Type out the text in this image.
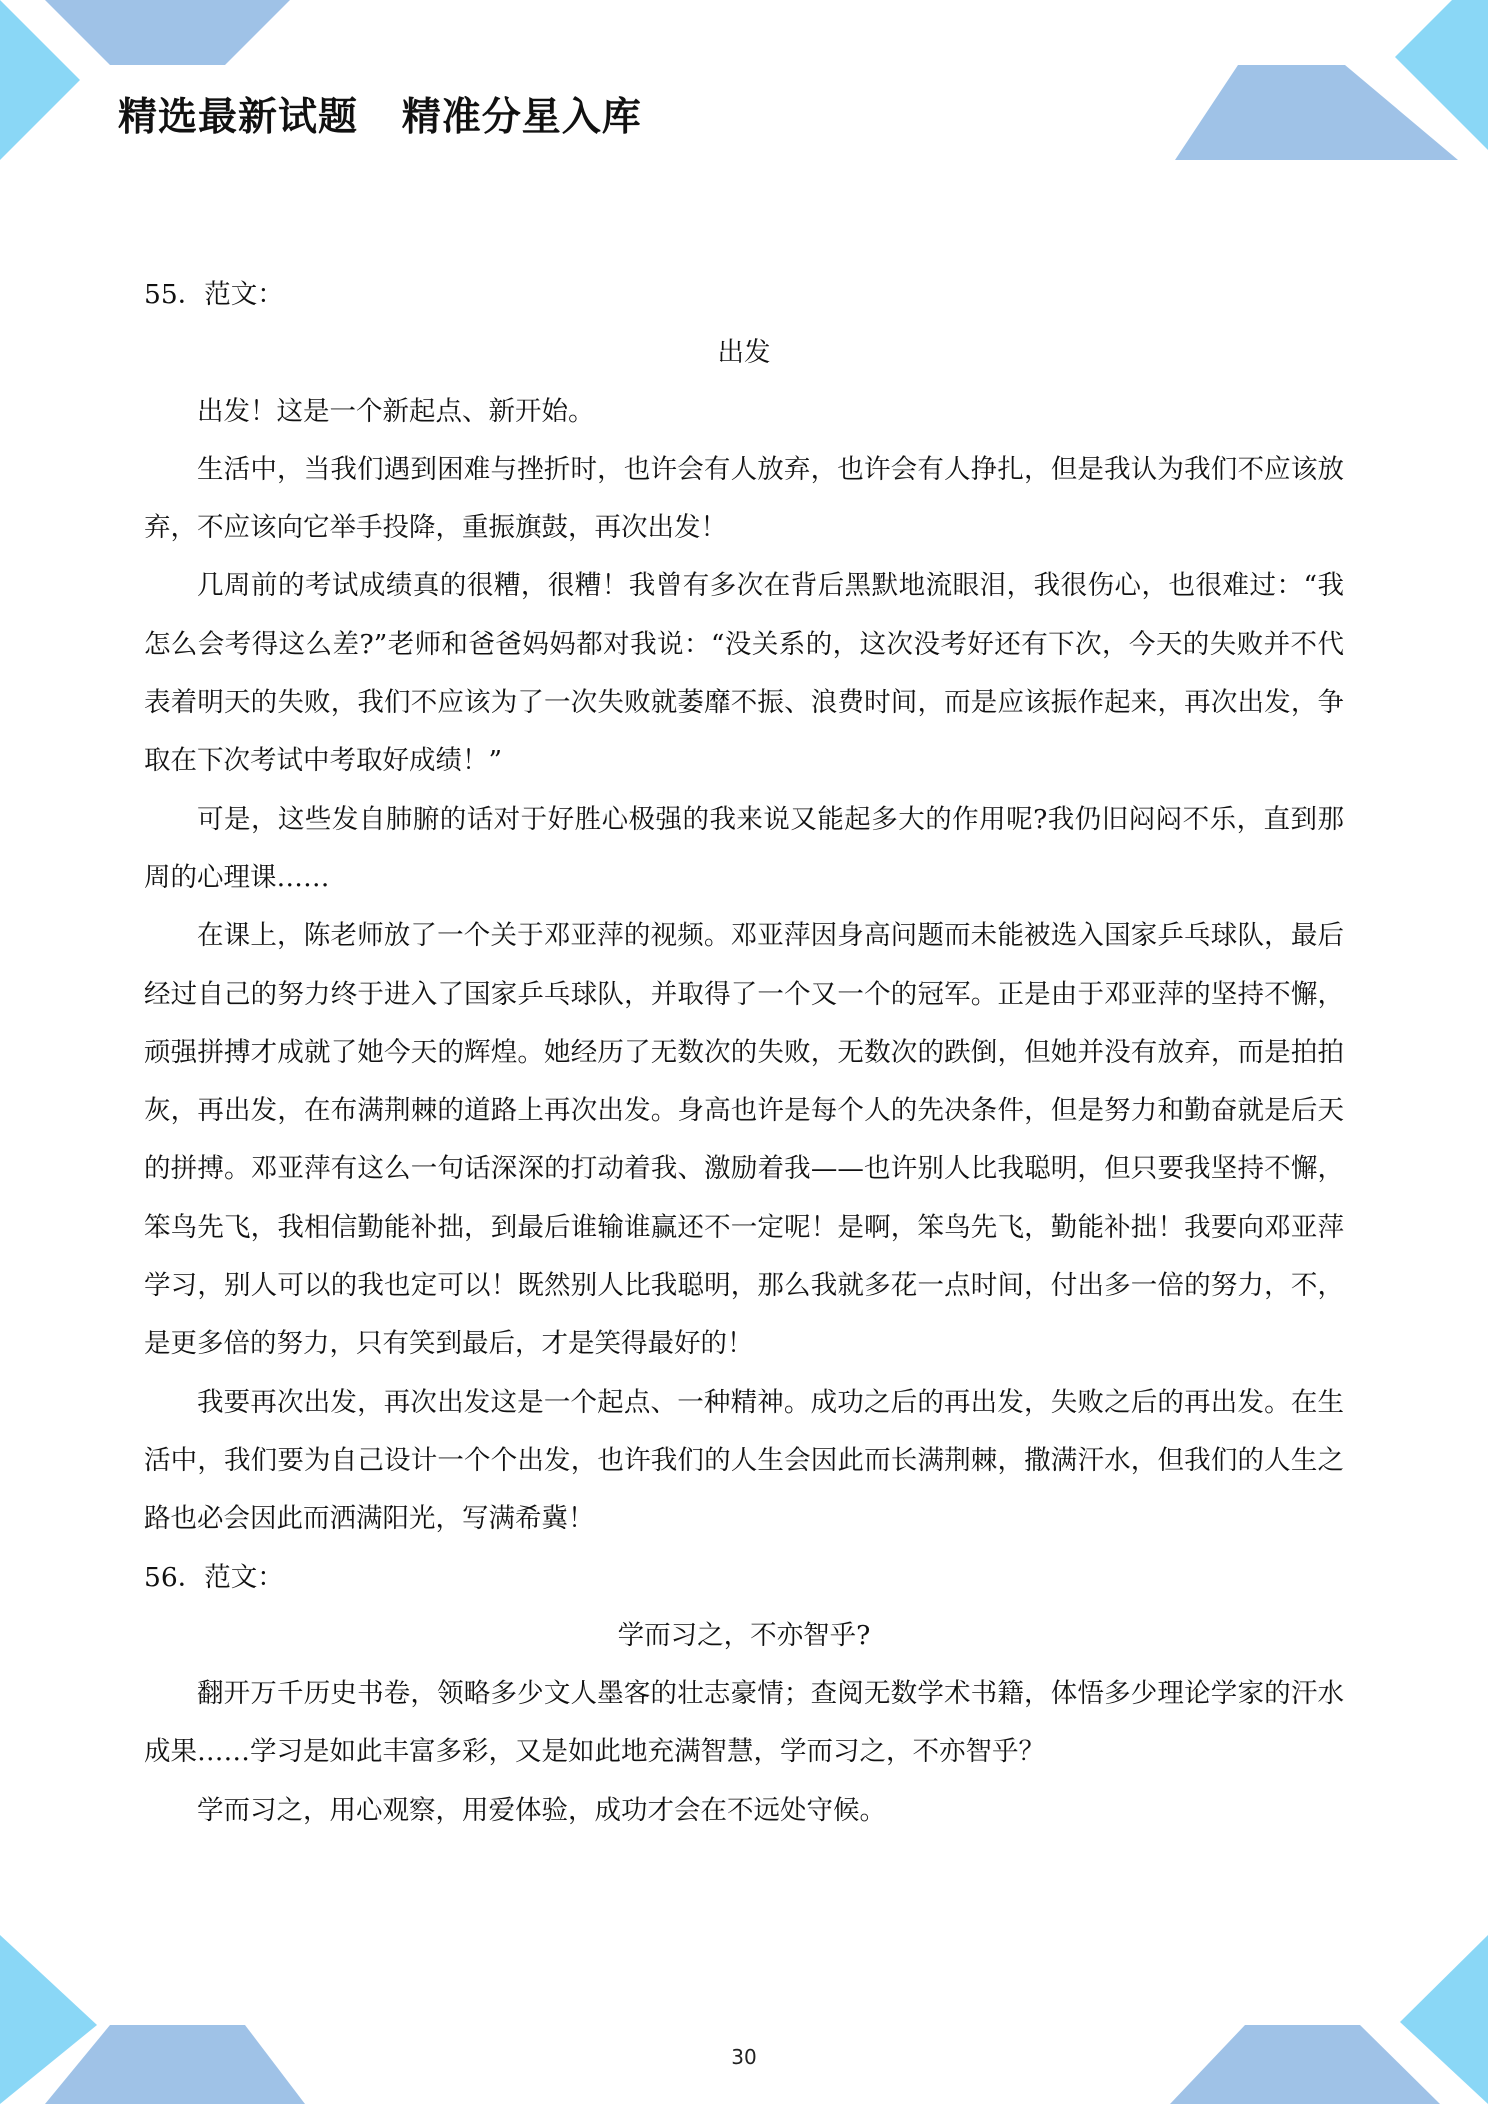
精选最新试题   精准分星入库
55．范文：
出发

出发！这是一个新起点、新开始。

生活中，当我们遇到困难与挫折时，也许会有人放弃，也许会有人挣扎，但是我认为我们不应该放弃，不应该向它举手投降，重振旗鼓，再次出发！

几周前的考试成绩真的很糟，很糟！我曾有多次在背后黑默地流眼泪，我很伤心，也很难过：“我怎么会考得这么差?”老师和爸爸妈妈都对我说：“没关系的，这次没考好还有下次，今天的失败并不代表着明天的失败，我们不应该为了一次失败就萎靡不振、浪费时间，而是应该振作起来，再次出发，争取在下次考试中考取好成绩！”

可是，这些发自肺腑的话对于好胜心极强的我来说又能起多大的作用呢?我仍旧闷闷不乐，直到那周的心理课……

在课上，陈老师放了一个关于邓亚萍的视频。邓亚萍因身高问题而未能被选入国家乒乓球队，最后经过自己的努力终于进入了国家乒乓球队，并取得了一个又一个的冠军。正是由于邓亚萍的坚持不懈，顽强拼搏才成就了她今天的辉煌。她经历了无数次的失败，无数次的跌倒，但她并没有放弃，而是拍拍灰，再出发，在布满荆棘的道路上再次出发。身高也许是每个人的先决条件，但是努力和勤奋就是后天的拼搏。邓亚萍有这么一句话深深的打动着我、激励着我——也许别人比我聪明，但只要我坚持不懈，笨鸟先飞，我相信勤能补拙，到最后谁输谁赢还不一定呢！是啊，笨鸟先飞，勤能补拙！我要向邓亚萍学习，别人可以的我也定可以！既然别人比我聪明，那么我就多花一点时间，付出多一倍的努力，不，是更多倍的努力，只有笑到最后，才是笑得最好的！

我要再次出发，再次出发这是一个起点、一种精神。成功之后的再出发，失败之后的再出发。在生活中，我们要为自己设计一个个出发，也许我们的人生会因此而长满荆棘，撒满汗水，但我们的人生之路也必会因此而洒满阳光，写满希冀！

56．范文：
学而习之，不亦智乎?

翻开万千历史书卷，领略多少文人墨客的壮志豪情；查阅无数学术书籍，体悟多少理论学家的汗水成果……学习是如此丰富多彩，又是如此地充满智慧，学而习之，不亦智乎？

学而习之，用心观察，用爱体验，成功才会在不远处守候。

30
